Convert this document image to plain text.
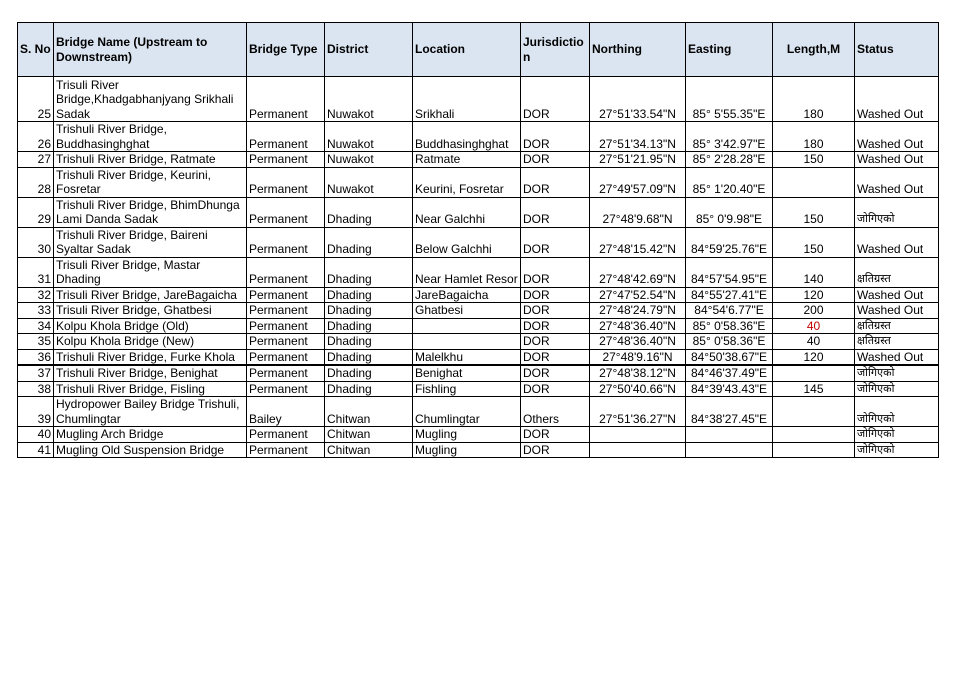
S. No	Bridge Name (Upstream to Downstream)	Bridge Type	District	Location	Jurisdiction	Northing	Easting	Length,M	Status
25	Trisuli River Bridge,Khadgabhanjyang Srikhali Sadak	Permanent	Nuwakot	Srikhali	DOR	27°51'33.54"N	85° 5'55.35"E	180	Washed Out
26	Trishuli River Bridge, Buddhasinghghat	Permanent	Nuwakot	Buddhasinghghat	DOR	27°51'34.13"N	85° 3'42.97"E	180	Washed Out
27	Trishuli River Bridge, Ratmate	Permanent	Nuwakot	Ratmate	DOR	27°51'21.95"N	85° 2'28.28"E	150	Washed Out
28	Trishuli River Bridge, Keurini, Fosretar	Permanent	Nuwakot	Keurini, Fosretar	DOR	27°49'57.09"N	85° 1'20.40"E		Washed Out
29	Trishuli River Bridge, BhimDhunga Lami Danda Sadak	Permanent	Dhading	Near Galchhi	DOR	27°48'9.68"N	85° 0'9.98"E	150	जोगिएको
30	Trishuli River Bridge, Baireni Syaltar Sadak	Permanent	Dhading	Below Galchhi	DOR	27°48'15.42"N	84°59'25.76"E	150	Washed Out
31	Trisuli River Bridge, Mastar Dhading	Permanent	Dhading	Near Hamlet Resor	DOR	27°48'42.69"N	84°57'54.95"E	140	क्षतिग्रस्त
32	Trisuli River Bridge, JareBagaicha	Permanent	Dhading	JareBagaicha	DOR	27°47'52.54"N	84°55'27.41"E	120	Washed Out
33	Trisuli River Bridge, Ghatbesi	Permanent	Dhading	Ghatbesi	DOR	27°48'24.79"N	84°54'6.77"E	200	Washed Out
34	Kolpu Khola Bridge (Old)	Permanent	Dhading		DOR	27°48'36.40"N	85° 0'58.36"E	40	क्षतिग्रस्त
35	Kolpu Khola Bridge (New)	Permanent	Dhading		DOR	27°48'36.40"N	85° 0'58.36"E	40	क्षतिग्रस्त
36	Trishuli River Bridge, Furke Khola	Permanent	Dhading	Malelkhu	DOR	27°48'9.16"N	84°50'38.67"E	120	Washed Out
37	Trishuli River Bridge, Benighat	Permanent	Dhading	Benighat	DOR	27°48'38.12"N	84°46'37.49"E		जोगिएको
38	Trishuli River Bridge, Fisling	Permanent	Dhading	Fishling	DOR	27°50'40.66"N	84°39'43.43"E	145	जोगिएको
39	Hydropower Bailey Bridge Trishuli, Chumlingtar	Bailey	Chitwan	Chumlingtar	Others	27°51'36.27"N	84°38'27.45"E		जोगिएको
40	Mugling Arch Bridge	Permanent	Chitwan	Mugling	DOR				जोगिएको
41	Mugling Old Suspension Bridge	Permanent	Chitwan	Mugling	DOR				जोगिएको
